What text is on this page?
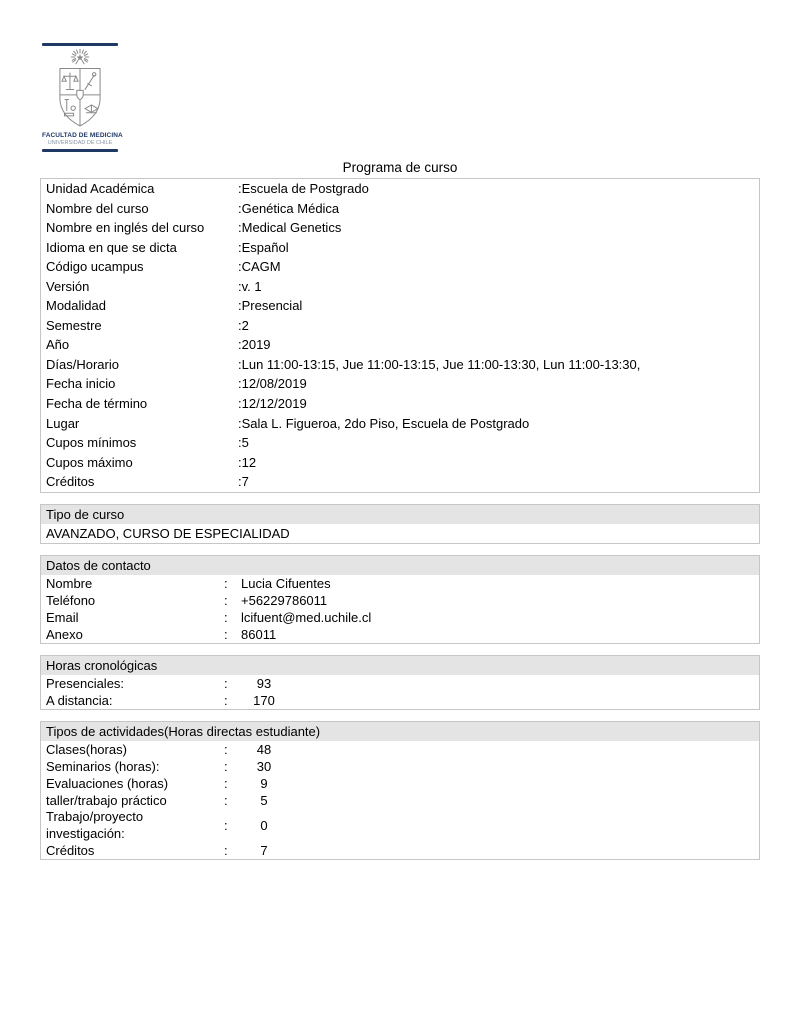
FACULTAD DE MEDICINA
UNIVERSIDAD DE CHILE
Programa de curso
Unidad Académica	:Escuela de Postgrado
Nombre del curso	:Genética Médica
Nombre en inglés del curso	:Medical Genetics
Idioma en que se dicta	:Español
Código ucampus	:CAGM
Versión	:v. 1
Modalidad	:Presencial
Semestre	:2
Año	:2019
Días/Horario	:Lun 11:00-13:15, Jue 11:00-13:15, Jue 11:00-13:30, Lun 11:00-13:30,
Fecha inicio	:12/08/2019
Fecha de término	:12/12/2019
Lugar	:Sala L. Figueroa, 2do Piso, Escuela de Postgrado
Cupos mínimos	:5
Cupos máximo	:12
Créditos	:7
Tipo de curso
AVANZADO, CURSO DE ESPECIALIDAD
Datos de contacto
Nombre	:	Lucia Cifuentes
Teléfono	:	+56229786011
Email	:	lcifuent@med.uchile.cl
Anexo	:	86011
Horas cronológicas
Presenciales:	:	93
A distancia:	:	170
Tipos de actividades(Horas directas estudiante)
Clases(horas)	:	48
Seminarios (horas):	:	30
Evaluaciones (horas)	:	9
taller/trabajo práctico	:	5
Trabajo/proyecto investigación:	:	0
Créditos	:	7
